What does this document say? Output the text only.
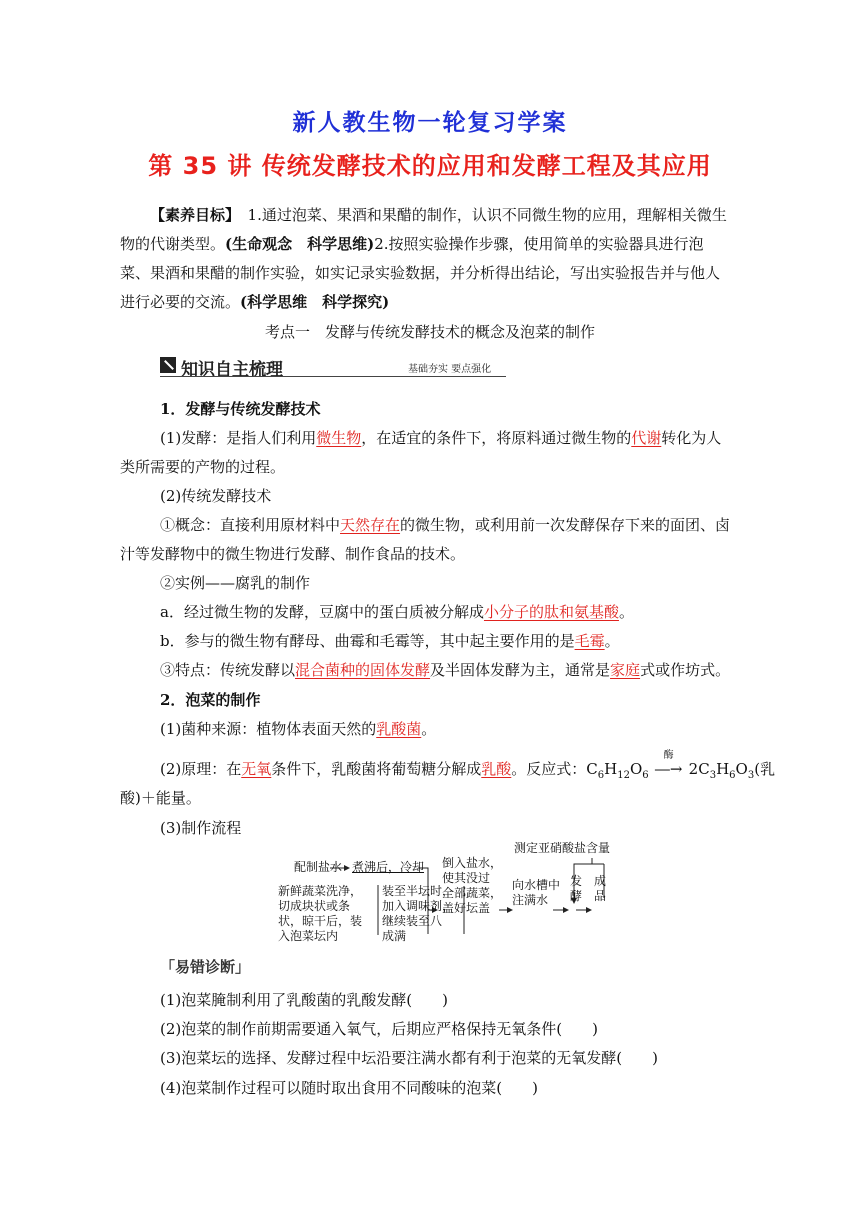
新人教生物一轮复习学案
第 35 讲 传统发酵技术的应用和发酵工程及其应用
【素养目标】　 1.通过泡菜、果酒和果醋的制作，认识不同微生物的应用，理解相关微生物的代谢类型。(生命观念　科学思维)2.按照实验操作步骤，使用简单的实验器具进行泡菜、果酒和果醋的制作实验，如实记录实验数据，并分析得出结论，写出实验报告并与他人进行必要的交流。(科学思维　科学探究)
考点一　发酵与传统发酵技术的概念及泡菜的制作
知识自主梳理	基础夯实 要点强化
1．发酵与传统发酵技术
(1)发酵：是指人们利用微生物，在适宜的条件下，将原料通过微生物的代谢转化为人
类所需要的产物的过程。
(2)传统发酵技术
①概念：直接利用原材料中天然存在的微生物，或利用前一次发酵保存下来的面团、卤
汁等发酵物中的微生物进行发酵、制作食品的技术。
②实例——腐乳的制作
a．经过微生物的发酵，豆腐中的蛋白质被分解成小分子的肽和氨基酸。
b．参与的微生物有酵母、曲霉和毛霉等，其中起主要作用的是毛霉。
③特点：传统发酵以混合菌种的固体发酵及半固体发酵为主，通常是家庭式或作坊式。
2．泡菜的制作
(1)菌种来源：植物体表面天然的乳酸菌。
(2)原理：在无氧条件下，乳酸菌将葡萄糖分解成乳酸。反应式：$C_6H_{12}O_6$
酶
―→ $2C_3H_6O_3$(乳
酸)＋能量。
(3)制作流程
配制盐水 煮沸后，冷却
新鲜蔬菜洗净，
切成块状或条
状，晾干后，装
入泡菜坛内
装至半坛时，
加入调味剂，
继续装至八
成满
倒入盐水，
使其没过
全部蔬菜，
盖好坛盖
向水槽中
注满水
发
酵
成
品
测定亚硝酸盐含量
「易错诊断」
(1)泡菜腌制利用了乳酸菌的乳酸发酵(　　)
(2)泡菜的制作前期需要通入氧气，后期应严格保持无氧条件(　　)
(3)泡菜坛的选择、发酵过程中坛沿要注满水都有利于泡菜的无氧发酵(　　)
(4)泡菜制作过程可以随时取出食用不同酸味的泡菜(　　)
